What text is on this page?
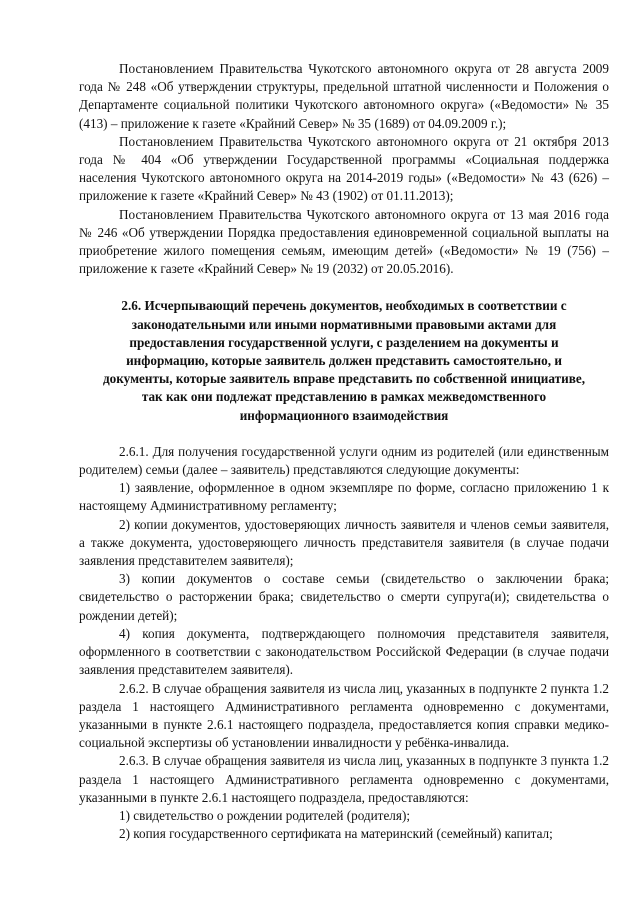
Постановлением Правительства Чукотского автономного округа от 28 августа 2009 года № 248 «Об утверждении структуры, предельной штатной численности и Положения о Департаменте социальной политики Чукотского автономного округа» («Ведомости» № 35 (413) – приложение к газете «Крайний Север» № 35 (1689) от 04.09.2009 г.);

Постановлением Правительства Чукотского автономного округа от 21 октября 2013 года № 404 «Об утверждении Государственной программы «Социальная поддержка населения Чукотского автономного округа на 2014-2019 годы» («Ведомости» № 43 (626) – приложение к газете «Крайний Север» № 43 (1902) от 01.11.2013);

Постановлением Правительства Чукотского автономного округа от 13 мая 2016 года № 246 «Об утверждении Порядка предоставления единовременной социальной выплаты на приобретение жилого помещения семьям, имеющим детей» («Ведомости» № 19 (756) – приложение к газете «Крайний Север» № 19 (2032) от 20.05.2016).

2.6. Исчерпывающий перечень документов, необходимых в соответствии с законодательными или иными нормативными правовыми актами для предоставления государственной услуги, с разделением на документы и информацию, которые заявитель должен представить самостоятельно, и документы, которые заявитель вправе представить по собственной инициативе, так как они подлежат представлению в рамках межведомственного информационного взаимодействия

2.6.1. Для получения государственной услуги одним из родителей (или единственным родителем) семьи (далее – заявитель) представляются следующие документы:

1) заявление, оформленное в одном экземпляре по форме, согласно приложению 1 к настоящему Административному регламенту;

2) копии документов, удостоверяющих личность заявителя и членов семьи заявителя, а также документа, удостоверяющего личность представителя заявителя (в случае подачи заявления представителем заявителя);

3) копии документов о составе семьи (свидетельство о заключении брака; свидетельство о расторжении брака; свидетельство о смерти супруга(и); свидетельства о рождении детей);

4) копия документа, подтверждающего полномочия представителя заявителя, оформленного в соответствии с законодательством Российской Федерации (в случае подачи заявления представителем заявителя).

2.6.2. В случае обращения заявителя из числа лиц, указанных в подпункте 2 пункта 1.2 раздела 1 настоящего Административного регламента одновременно с документами, указанными в пункте 2.6.1 настоящего подраздела, предоставляется копия справки медико-социальной экспертизы об установлении инвалидности у ребёнка-инвалида.

2.6.3. В случае обращения заявителя из числа лиц, указанных в подпункте 3 пункта 1.2 раздела 1 настоящего Административного регламента одновременно с документами, указанными в пункте 2.6.1 настоящего подраздела, предоставляются:

1) свидетельство о рождении родителей (родителя);

2) копия государственного сертификата на материнский (семейный) капитал;
